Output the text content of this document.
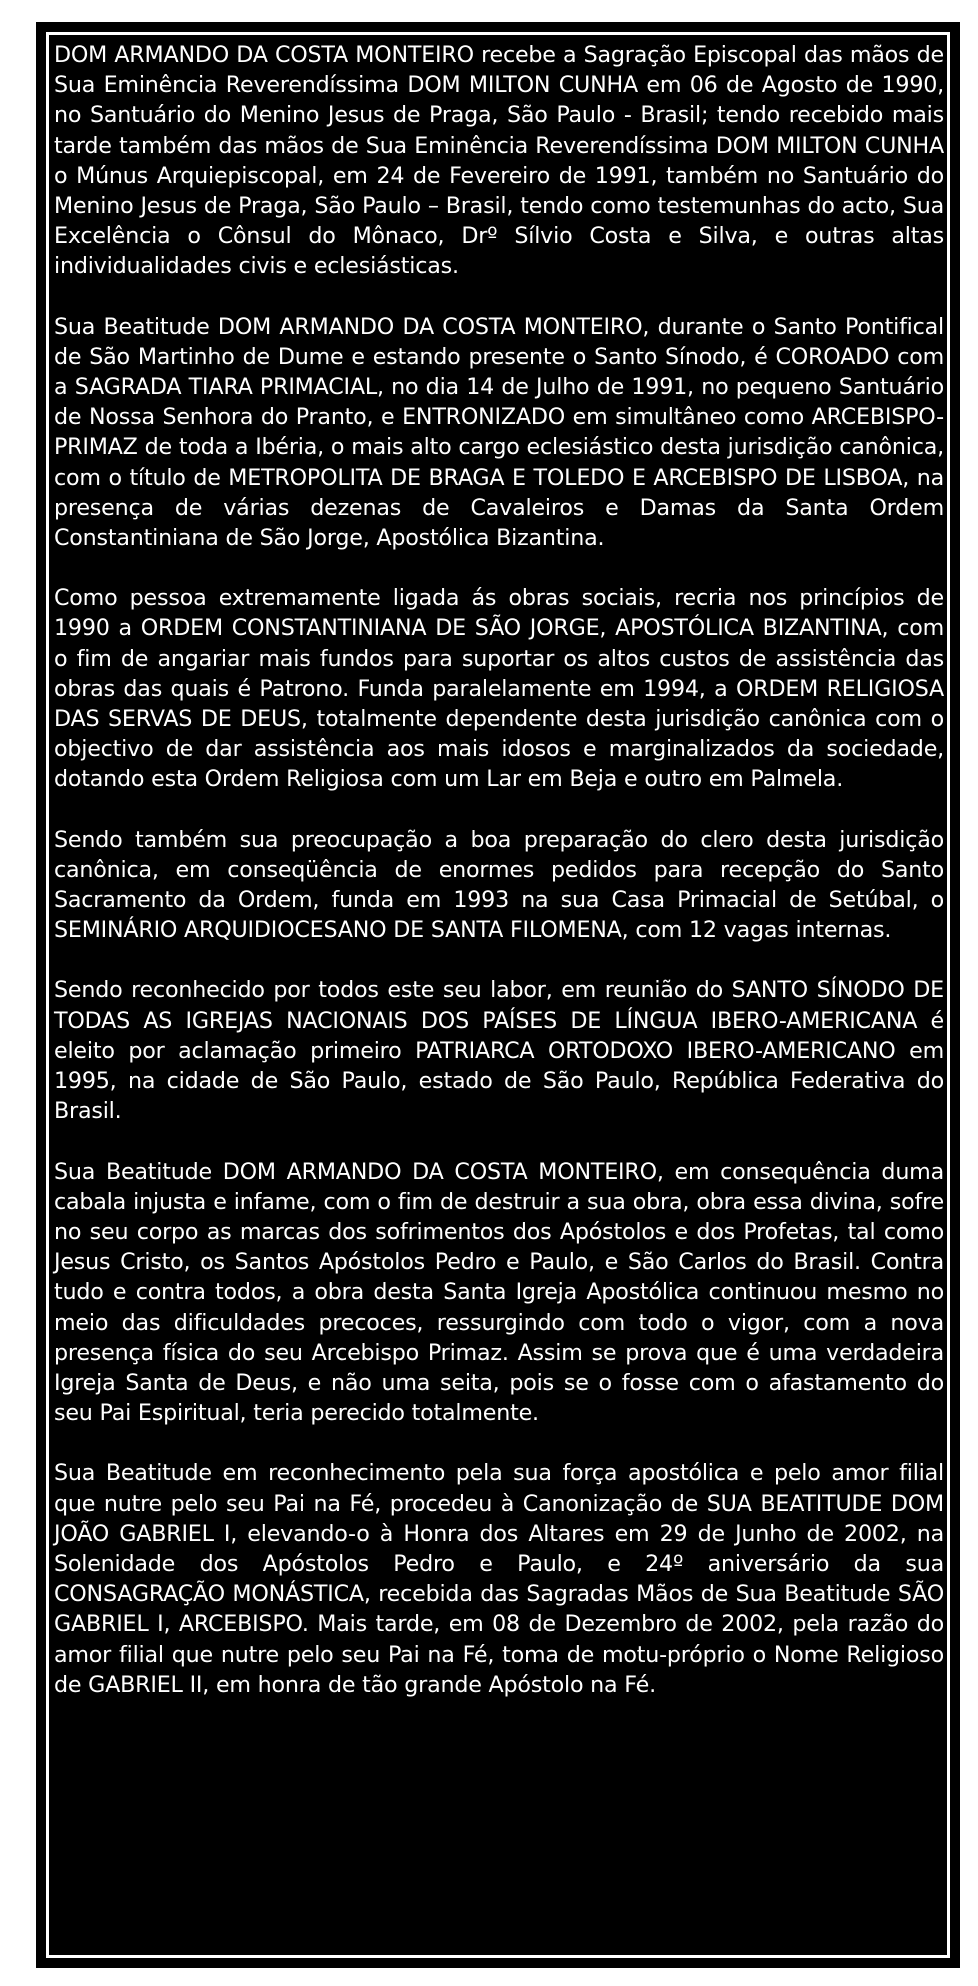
DOM ARMANDO DA COSTA MONTEIRO recebe a Sagração Episcopal das mãos de Sua Eminência Reverendíssima DOM MILTON CUNHA em 06 de Agosto de 1990, no Santuário do Menino Jesus de Praga, São Paulo - Brasil; tendo recebido mais tarde também das mãos de Sua Eminência Reverendíssima DOM MILTON CUNHA o Múnus Arquiepiscopal, em 24 de Fevereiro de 1991, também no Santuário do Menino Jesus de Praga, São Paulo – Brasil, tendo como testemunhas do acto, Sua Excelência o Cônsul do Mônaco, Drº Sílvio Costa e Silva, e outras altas individualidades civis e eclesiásticas.

Sua Beatitude DOM ARMANDO DA COSTA MONTEIRO, durante o Santo Pontifical de São Martinho de Dume e estando presente o Santo Sínodo, é COROADO com a SAGRADA TIARA PRIMACIAL, no dia 14 de Julho de 1991, no pequeno Santuário de Nossa Senhora do Pranto, e ENTRONIZADO em simultâneo como ARCEBISPO-PRIMAZ de toda a Ibéria, o mais alto cargo eclesiástico desta jurisdição canônica, com o título de METROPOLITA DE BRAGA E TOLEDO E ARCEBISPO DE LISBOA, na presença de várias dezenas de Cavaleiros e Damas da Santa Ordem Constantiniana de São Jorge, Apostólica Bizantina.

Como pessoa extremamente ligada ás obras sociais, recria nos princípios de 1990 a ORDEM CONSTANTINIANA DE SÃO JORGE, APOSTÓLICA BIZANTINA, com o fim de angariar mais fundos para suportar os altos custos de assistência das obras das quais é Patrono. Funda paralelamente em 1994, a ORDEM RELIGIOSA DAS SERVAS DE DEUS, totalmente dependente desta jurisdição canônica com o objectivo de dar assistência aos mais idosos e marginalizados da sociedade, dotando esta Ordem Religiosa com um Lar em Beja e outro em Palmela.

Sendo também sua preocupação a boa preparação do clero desta jurisdição canônica, em conseqüência de enormes pedidos para recepção do Santo Sacramento da Ordem, funda em 1993 na sua Casa Primacial de Setúbal, o SEMINÁRIO ARQUIDIOCESANO DE SANTA FILOMENA, com 12 vagas internas.

Sendo reconhecido por todos este seu labor, em reunião do SANTO SÍNODO DE TODAS AS IGREJAS NACIONAIS DOS PAÍSES DE LÍNGUA IBERO-AMERICANA é eleito por aclamação primeiro PATRIARCA ORTODOXO IBERO-AMERICANO em 1995, na cidade de São Paulo, estado de São Paulo, República Federativa do Brasil.

Sua Beatitude DOM ARMANDO DA COSTA MONTEIRO, em consequência duma cabala injusta e infame, com o fim de destruir a sua obra, obra essa divina, sofre no seu corpo as marcas dos sofrimentos dos Apóstolos e dos Profetas, tal como Jesus Cristo, os Santos Apóstolos Pedro e Paulo, e São Carlos do Brasil. Contra tudo e contra todos, a obra desta Santa Igreja Apostólica continuou mesmo no meio das dificuldades precoces, ressurgindo com todo o vigor, com a nova presença física do seu Arcebispo Primaz. Assim se prova que é uma verdadeira Igreja Santa de Deus, e não uma seita, pois se o fosse com o afastamento do seu Pai Espiritual, teria perecido totalmente.

Sua Beatitude em reconhecimento pela sua força apostólica e pelo amor filial que nutre pelo seu Pai na Fé, procedeu à Canonização de SUA BEATITUDE DOM JOÃO GABRIEL I, elevando-o à Honra dos Altares em 29 de Junho de 2002, na Solenidade dos Apóstolos Pedro e Paulo, e 24º aniversário da sua CONSAGRAÇÃO MONÁSTICA, recebida das Sagradas Mãos de Sua Beatitude SÃO GABRIEL I, ARCEBISPO. Mais tarde, em 08 de Dezembro de 2002, pela razão do amor filial que nutre pelo seu Pai na Fé, toma de motu-próprio o Nome Religioso de GABRIEL II, em honra de tão grande Apóstolo na Fé.
